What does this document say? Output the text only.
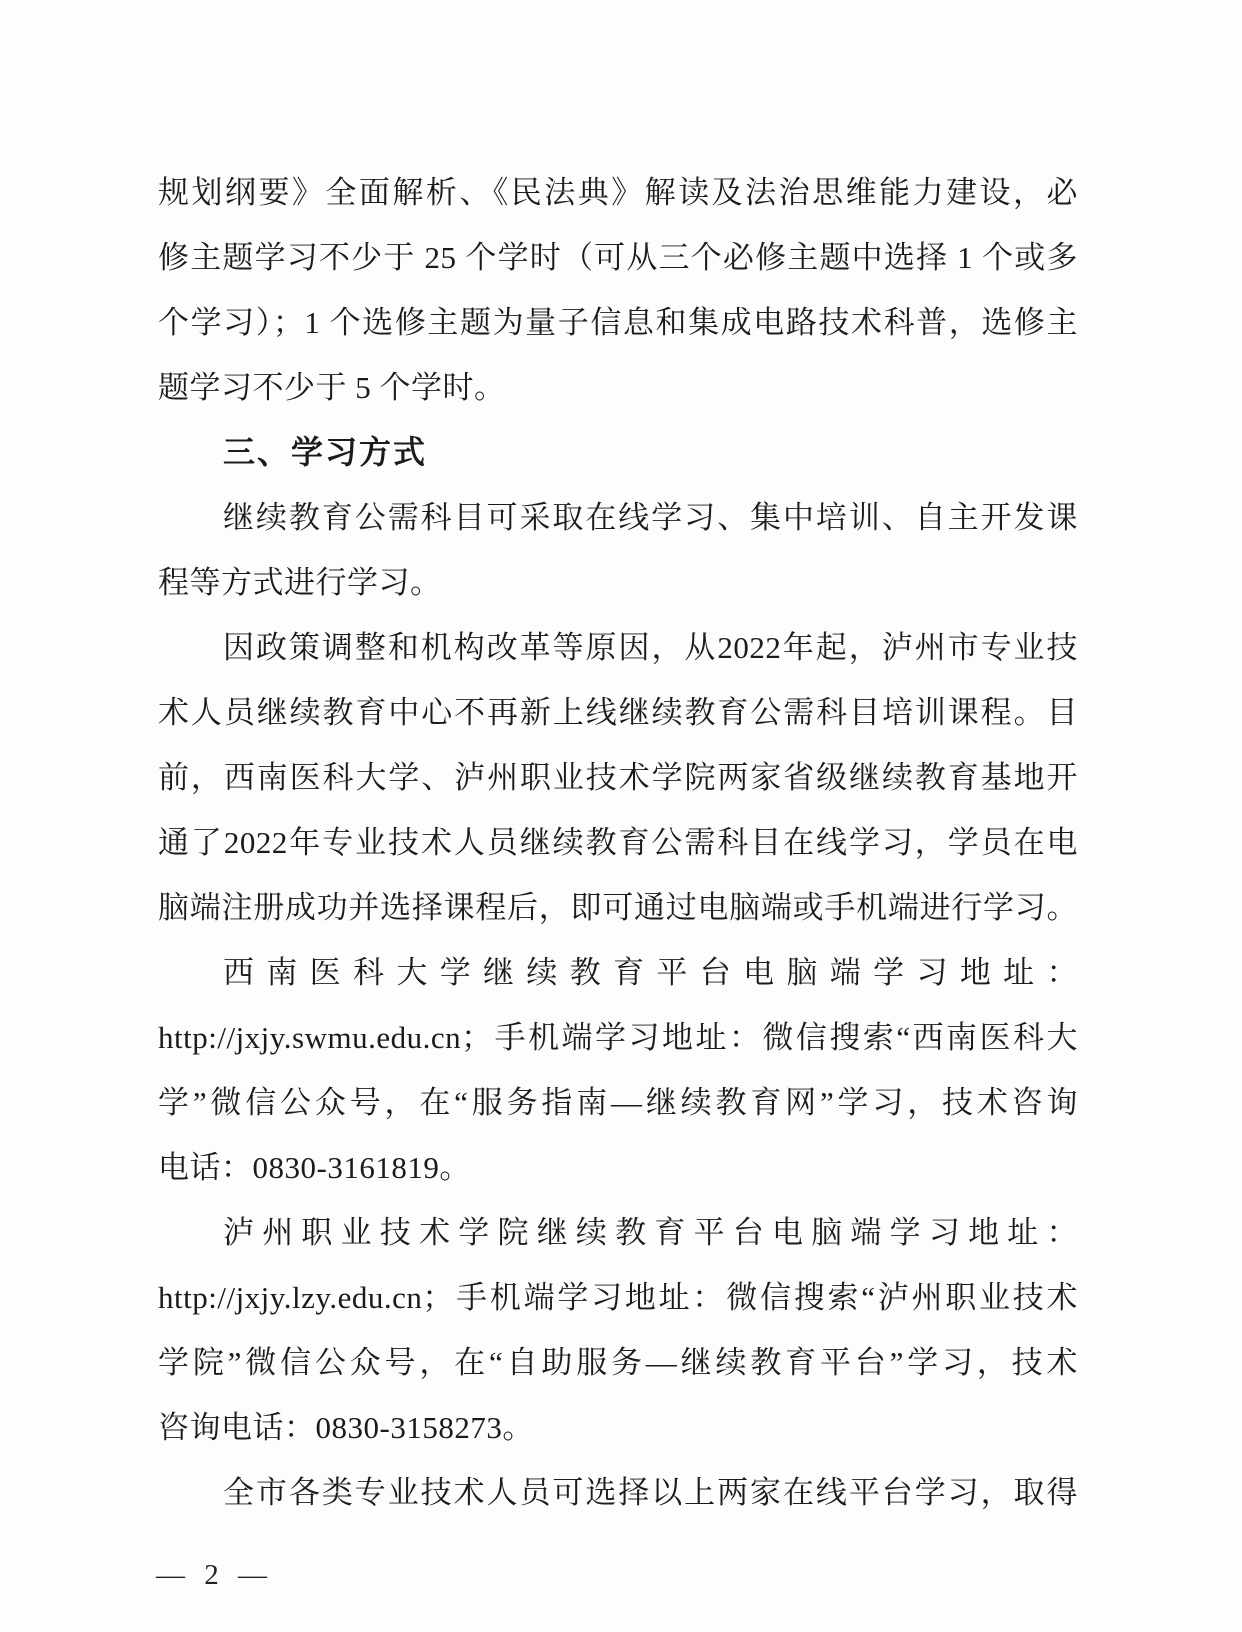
规划纲要》全面解析、《民法典》解读及法治思维能力建设，必
修主题学习不少于 25 个学时（可从三个必修主题中选择 1 个或多
个学习）；1 个选修主题为量子信息和集成电路技术科普，选修主
题学习不少于 5 个学时。
三、学习方式
继续教育公需科目可采取在线学习、集中培训、自主开发课
程等方式进行学习。
因政策调整和机构改革等原因，从2022年起，泸州市专业技
术人员继续教育中心不再新上线继续教育公需科目培训课程。目
前，西南医科大学、泸州职业技术学院两家省级继续教育基地开
通了2022年专业技术人员继续教育公需科目在线学习，学员在电
脑端注册成功并选择课程后，即可通过电脑端或手机端进行学习。
西南医科大学继续教育平台电脑端学习地址：
http://jxjy.swmu.edu.cn；手机端学习地址：微信搜索“西南医科大
学”微信公众号，在“服务指南—继续教育网”学习，技术咨询
电话：0830-3161819。
泸州职业技术学院继续教育平台电脑端学习地址：
http://jxjy.lzy.edu.cn；手机端学习地址：微信搜索“泸州职业技术
学院”微信公众号，在“自助服务—继续教育平台”学习，技术
咨询电话：0830-3158273。
全市各类专业技术人员可选择以上两家在线平台学习，取得
— 2 —
